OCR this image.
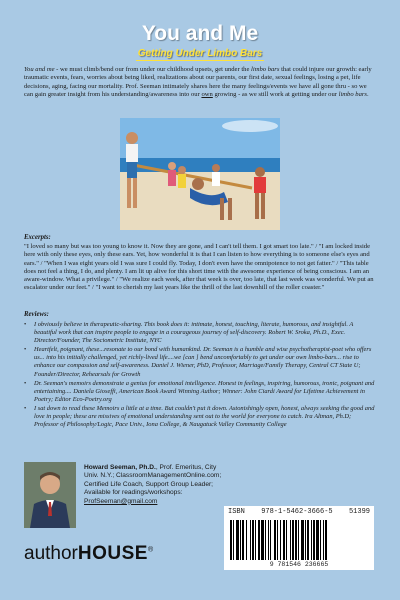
You and Me
Getting Under Limbo Bars
You and me - we must climb/bend our from under our childhood upsets, get under the limbo bars that could injure our growth: early traumatic events, fears, worries about being liked, realizations about our parents, our first date, sexual feelings, losing a pet, life decisions, aging, facing our mortality. Prof. Seeman intimately shares here the many feelings/events we have all gone thru - so we can gain greater insight from his understanding/awareness into our own growing - as we still work at getting under our limbo bars.
Excerpts:
"I loved so many but was too young to know it. Now they are gone, and I can't tell them. I got smart too late." / "I am locked inside here with only these eyes, only these ears. Yet, how wonderful it is that I can listen to how everything is to someone else's eyes and ears." / "When I was eight years old I was sure I could fly. Today, I don't even have the omnipotence to not get fatter." / "This table does not feel a thing, I do, and plenty. I am lit up alive for this short time with the awesome experience of being conscious. I am an aware-window. What a privilege." / "We realize each week, after that week is over, too late, that last week was wonderful. We put an escalator under our feet." / "I want to cherish my last years like the thrill of the last downhill of the roller coaster."
Reviews:
• I obviously believe in therapeutic-sharing. This book does it: intimate, honest, touching, literate, humorous, and insightful. A beautiful work that can inspire people to engage in a courageous journey of self-discovery. Robert W. Sroka, Ph.D., Exec. Director/Founder, The Sociometric Institute, NYC
• Heartfelt, poignant, these...resonate to our bond with humankind. Dr. Seeman is a humble and wise psychotherapist-poet who offers us... into his initially challenged, yet richly-lived life....we [can ] bend uncomfortably to get under our own limbo-bars... rise to enhance our compassion and self-awareness. Daniel J. Wiener, PhD, Professor, Marriage/Family Therapy, Central CT State U; Founder/Director, Rehearsals for Growth
• Dr. Seeman's memoirs demonstrate a genius for emotional intelligence. Honest in feelings, inspiring, humorous, ironic, poignant and entertaining.... Daniela Gioseffi, American Book Award Winning Author; Winner: John Ciardi Award for Lifetime Achievement in Poetry; Editor Eco-Poetry.org
• I sat down to read these Memoirs a little at a time. But couldn't put it down. Astonishingly open, honest, always seeking the good and love in people; these are missives of emotional understanding sent out to the world for everyone to catch. Ira Altman, Ph.D; Professor of Philosophy/Logic, Pace Univ., Iona College, & Naugatuck Valley Community College
Howard Seeman, Ph.D., Prof. Emeritus, City Univ. N.Y.; ClassroomManagementOnline.com; Certified Life Coach, Support Group Leader; Available for readings/workshops: ProfSeeman@gmail.com
ISBN 978-1-5462-3666-5 51399
9 781546 236665
authorHOUSE®
